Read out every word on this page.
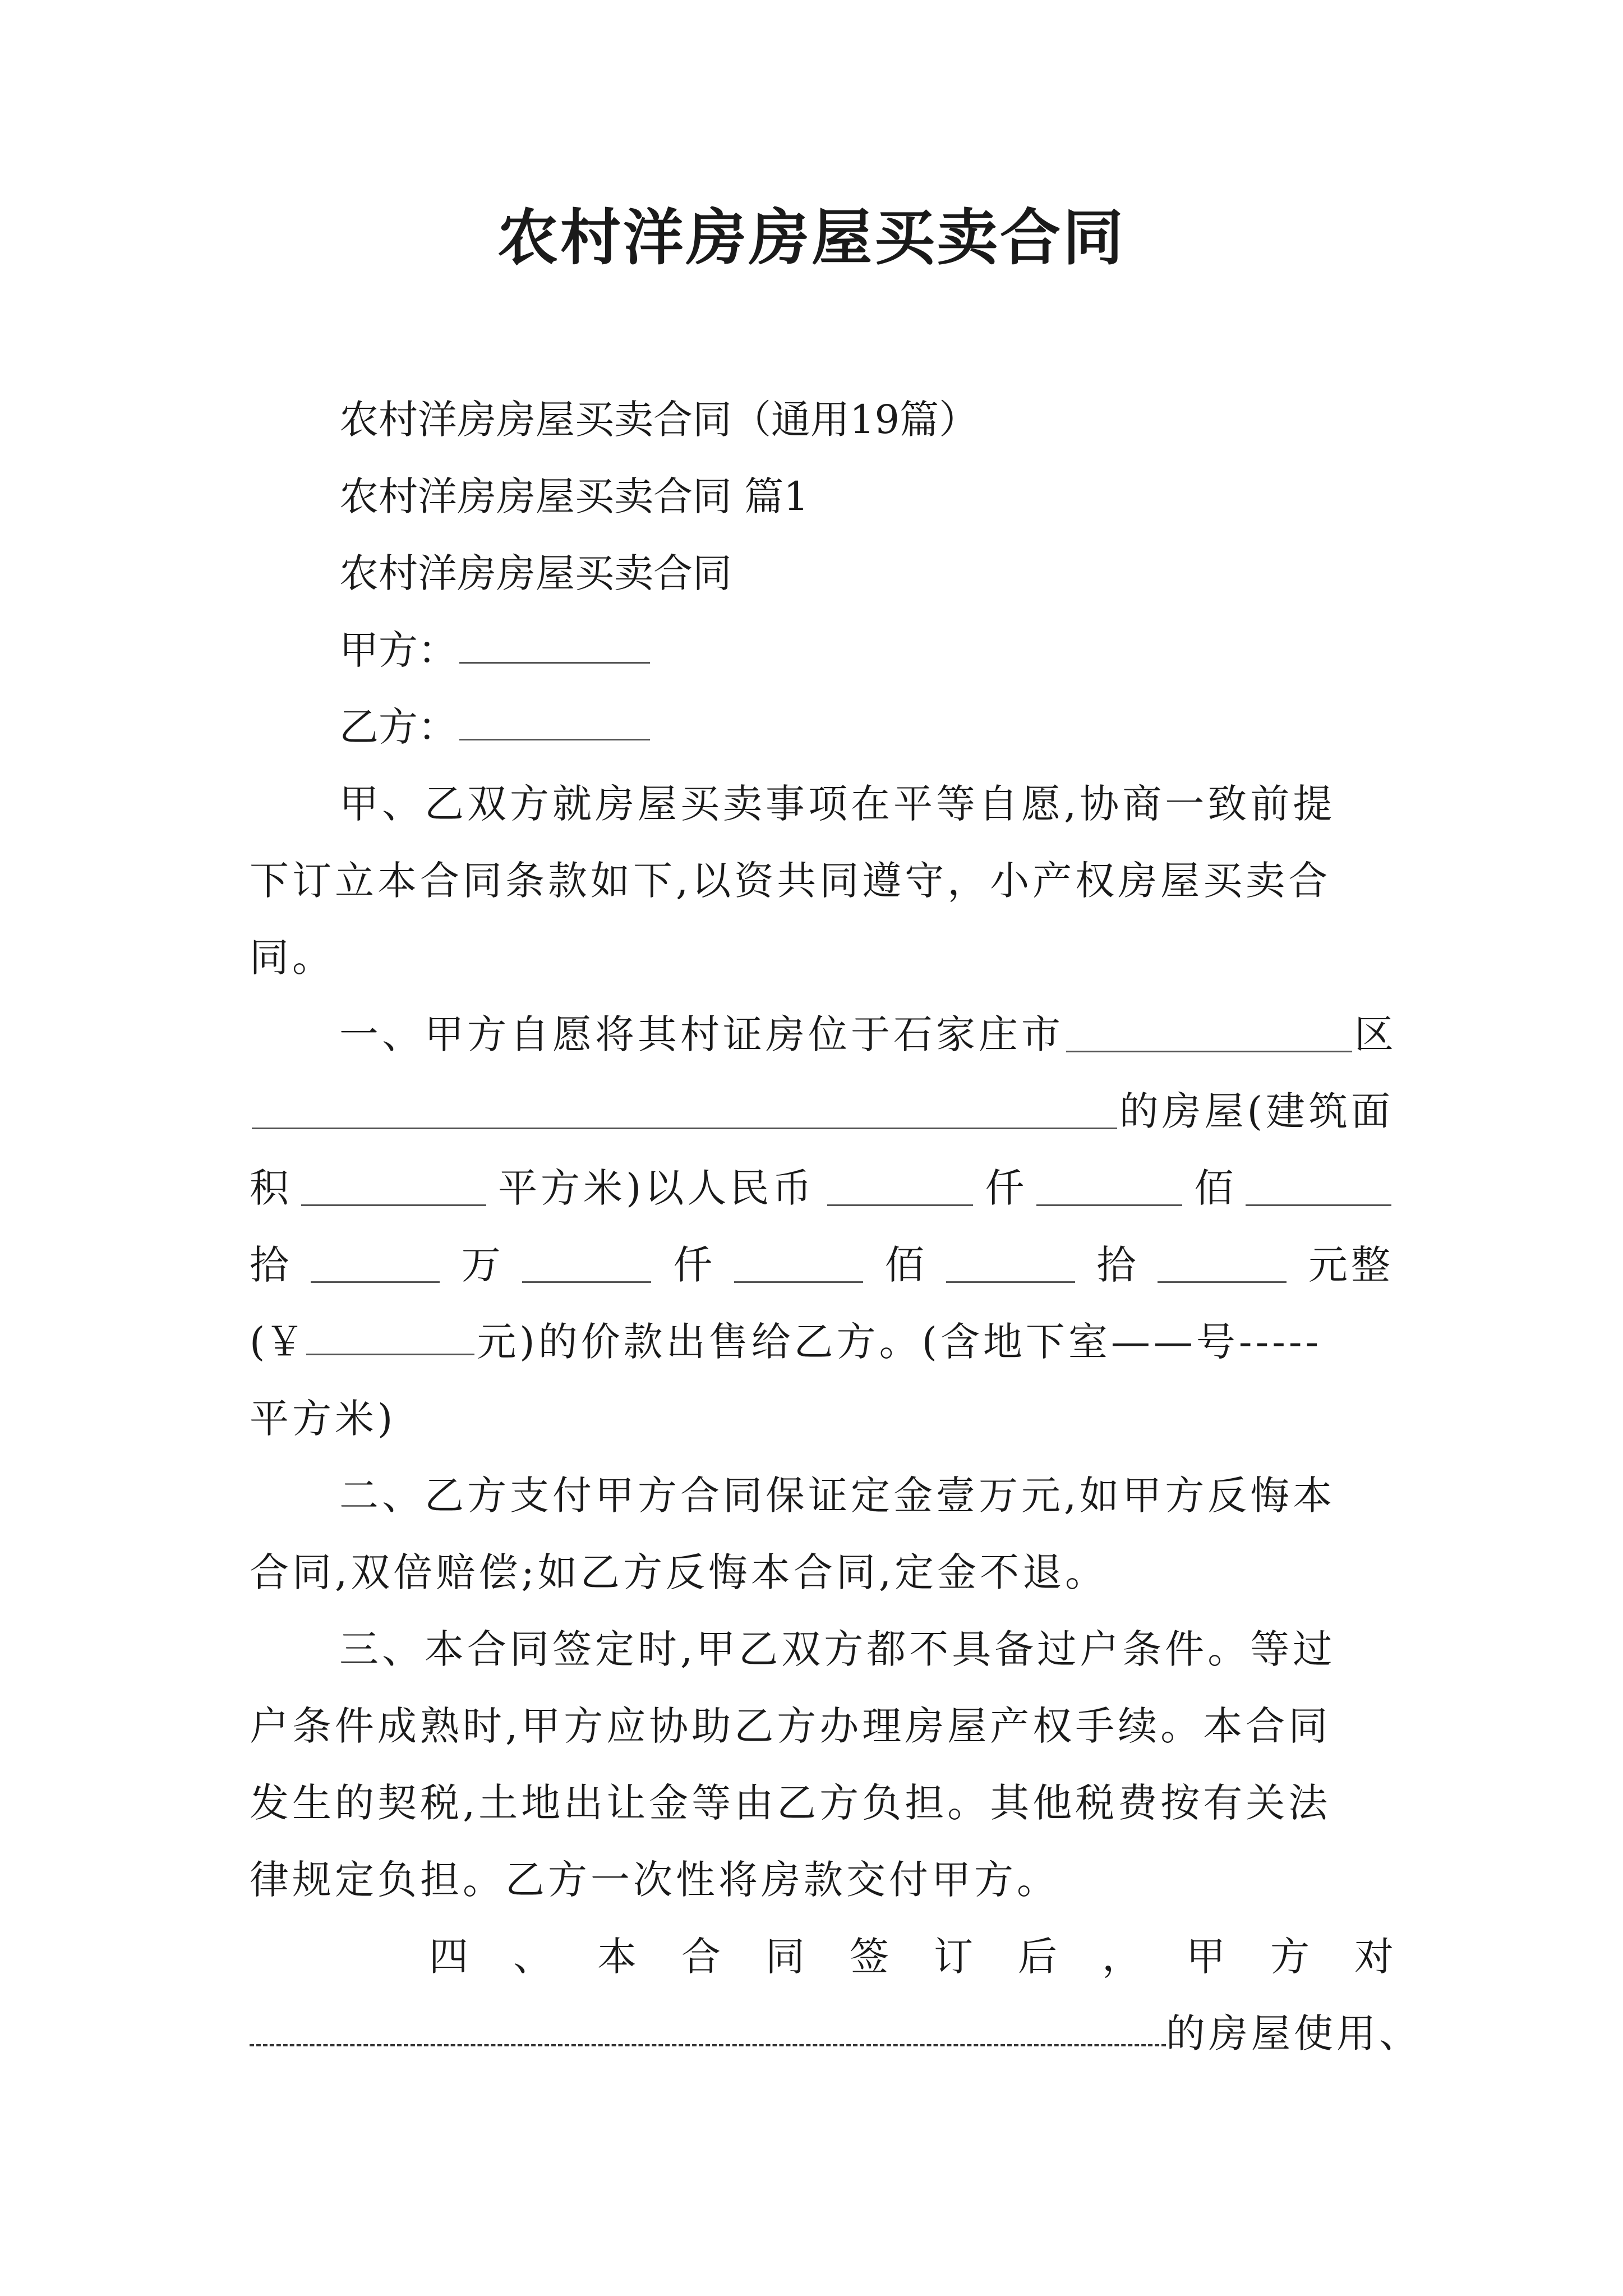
农村洋房房屋买卖合同
农村洋房房屋买卖合同（通用19篇）
农村洋房房屋买卖合同 篇1
农村洋房房屋买卖合同
甲方：
乙方：
甲、乙双方就房屋买卖事项在平等自愿,协商一致前提
下订立本合同条款如下,以资共同遵守，小产权房屋买卖合
同。
一、甲方自愿将其村证房位于石家庄市	区
的房屋(建筑面
积	平方米)以人民币	仟	佰
拾	万	仟	佰	拾	元整
(￥	元)的价款出售给乙方。(含地下室——号-----
平方米)
二、乙方支付甲方合同保证定金壹万元,如甲方反悔本
合同,双倍赔偿;如乙方反悔本合同,定金不退。
三、本合同签定时,甲乙双方都不具备过户条件。等过
户条件成熟时,甲方应协助乙方办理房屋产权手续。本合同
发生的契税,土地出让金等由乙方负担。其他税费按有关法
律规定负担。乙方一次性将房款交付甲方。
四 、 本 合 同 签 订 后 ， 甲 方 对
的房屋使用、
